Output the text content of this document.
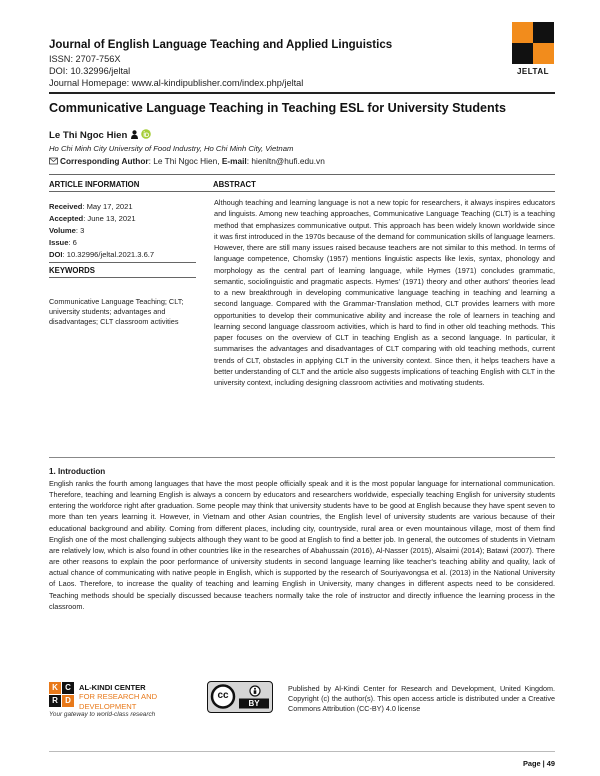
Journal of English Language Teaching and Applied Linguistics
ISSN: 2707-756X
DOI: 10.32996/jeltal
Journal Homepage: www.al-kindipublisher.com/index.php/jeltal
JELTAL
Communicative Language Teaching in Teaching ESL for University Students
Le Thi Ngoc Hien
Ho Chi Minh City University of Food Industry, Ho Chi Minh City, Vietnam
Corresponding Author: Le Thi Ngoc Hien, E-mail: hienltn@hufi.edu.vn
ARTICLE INFORMATION	ABSTRACT
Received: May 17, 2021
Accepted: June 13, 2021
Volume: 3
Issue: 6
DOI: 10.32996/jeltal.2021.3.6.7
KEYWORDS
Communicative Language Teaching; CLT; university students; advantages and disadvantages; CLT classroom activities
Although teaching and learning language is not a new topic for researchers, it always inspires educators and linguists. Among new teaching approaches, Communicative Language Teaching (CLT) is a teaching method that emphasizes communicative output. This approach has been widely known worldwide since it was first introduced in the 1970s because of the demand for communication skills of language learners. However, there are still many issues raised because teachers are not similar to this method. In terms of language competence, Chomsky (1957) mentions linguistic aspects like lexis, syntax, phonology and morphology as the central part of learning language, while Hymes (1971) concludes grammatic, semantic, sociolinguistic and pragmatic aspects. Hymes' (1971) theory and other authors' theories lead to a new breakthrough in developing communicative language teaching in teaching and learning a second language. Compared with the Grammar-Translation method, CLT provides learners with more opportunities to develop their communicative ability and increase the role of learners in teaching and learning second language classroom activities, which is hard to find in other old teaching methods. This paper focuses on the overview of CLT in teaching English as a second language. In particular, it summarises the advantages and disadvantages of CLT comparing with old teaching methods, current trends of CLT, obstacles in applying CLT in the university context. Since then, it helps teachers have a better understanding of CLT and the article also suggests implications of teaching English with CLT in the university context, including designing classroom activities and motivating students.
1. Introduction
English ranks the fourth among languages that have the most people officially speak and it is the most popular language for international communication. Therefore, teaching and learning English is always a concern by educators and researchers worldwide, especially teaching English for university students entering the workforce right after graduation. Some people may think that university students have to be good at English because they have spent seven to more than ten years learning it. However, in Vietnam and other Asian countries, the English level of university students are various because of their educational background and ability. Coming from different places, including city, countryside, rural area or even mountainous village, most of them find English one of the most challenging subjects although they want to be good at English to find a better job. In general, the outcomes of students in Vietnam are relatively low, which is also found in other countries like in the researches of Abahussain (2016), Al-Nasser (2015), Alsaimi (2014); Batawi (2007). There are other reasons to explain the poor performance of university students in second language learning like teacher's teaching ability and quality, lack of actual chance of communicating with native people in English, which is supported by the research of Souriyavongsa et al. (2013) in the National University of Laos. Therefore, to increase the quality of teaching and learning English in University, many changes in different aspects need to be considered. Teaching methods should be specially discussed because teachers normally take the role of instructor and directly influence the learning process in the classroom.
K C
R D
AL-KINDI CENTER
FOR RESEARCH AND
DEVELOPMENT
Your gateway to world-class research
cc
BY
Published by Al-Kindi Center for Research and Development, United Kingdom. Copyright (c) the author(s). This open access article is distributed under a Creative Commons Attribution (CC-BY) 4.0 license
Page | 49
